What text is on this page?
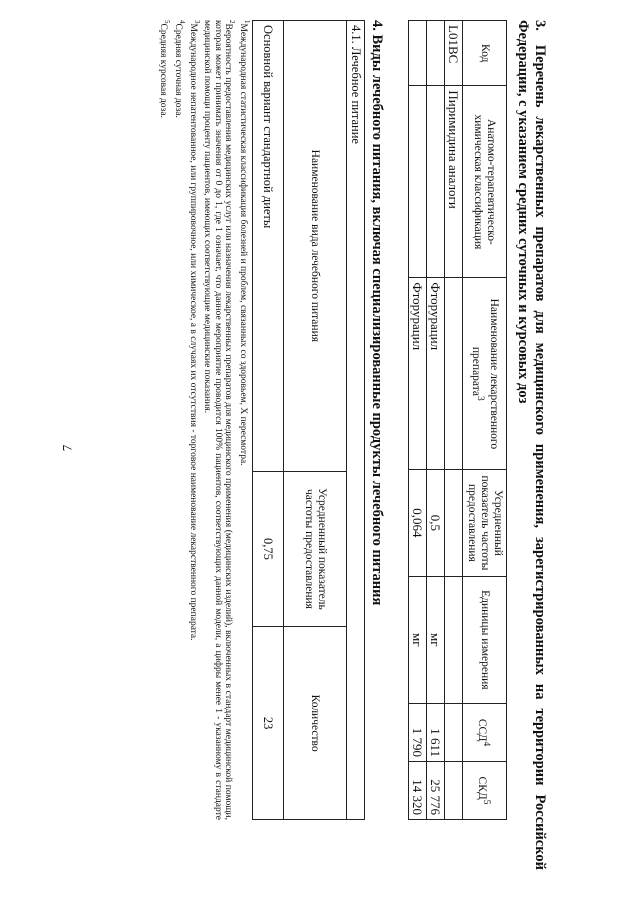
7

3.Перечень лекарственных препаратов для медицинского применения, зарегистрированных на территории Российской Федерации, с указанием средних суточных и курсовых доз

Код	Анатомо-терапевтическо-химическая классификация	Наименование лекарственного препарата$^3$	Усредненный показатель частоты предоставления	Единицы измерения	ССД$^4$	СКД$^5$
L01BC	Пиримидина аналоги					
		Фторурацил	0,5	мг	1 611	25 776
		Фторурацил	0,064	мг	1 790	14 320

4. Виды лечебного питания, включая специализированные продукты лечебного питания

4.1. Лечебное питание		
Наименование вида лечебного питания	Усредненный показатель частоты предоставления	Количество
Основной вариант стандартной диеты	0,75	23

$^1$Международная статистическая классификация болезней и проблем, связанных со здоровьем, X пересмотра.

$^2$Вероятность предоставления медицинских услуг или назначения лекарственных препаратов для медицинского применения (медицинских изделий), включенных в стандарт медицинской помощи, которая может принимать значения от 0 до 1, где 1 означает, что данное мероприятие проводится 100% пациентов, соответствующих данной модели, а цифры менее 1 - указанному в стандарте медицинской помощи проценту пациентов, имеющих соответствующие медицинские показания.

$^3$Международное непатентованное, или группировочное, или химическое, а в случаях их отсутствия - торговое наименование лекарственного препарата.

$^4$Средняя суточная доза.

$^5$Средняя курсовая доза.
